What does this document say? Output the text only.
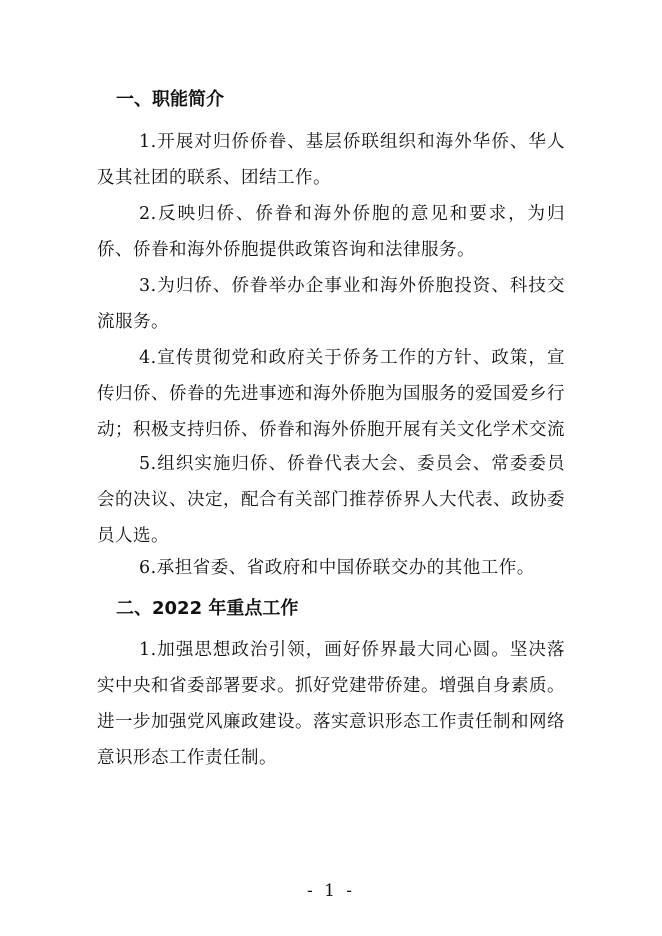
一、职能简介
1.开展对归侨侨眷、基层侨联组织和海外华侨、华人及其社团的联系、团结工作。
2.反映归侨、侨眷和海外侨胞的意见和要求，为归侨、侨眷和海外侨胞提供政策咨询和法律服务。
3.为归侨、侨眷举办企事业和海外侨胞投资、科技交流服务。
4.宣传贯彻党和政府关于侨务工作的方针、政策，宣传归侨、侨眷的先进事迹和海外侨胞为国服务的爱国爱乡行动；积极支持归侨、侨眷和海外侨胞开展有关文化学术交流
5.组织实施归侨、侨眷代表大会、委员会、常委委员会的决议、决定，配合有关部门推荐侨界人大代表、政协委员人选。
6.承担省委、省政府和中国侨联交办的其他工作。
二、2022 年重点工作
1.加强思想政治引领，画好侨界最大同心圆。坚决落实中央和省委部署要求。抓好党建带侨建。增强自身素质。进一步加强党风廉政建设。落实意识形态工作责任制和网络意识形态工作责任制。
- 1 -
